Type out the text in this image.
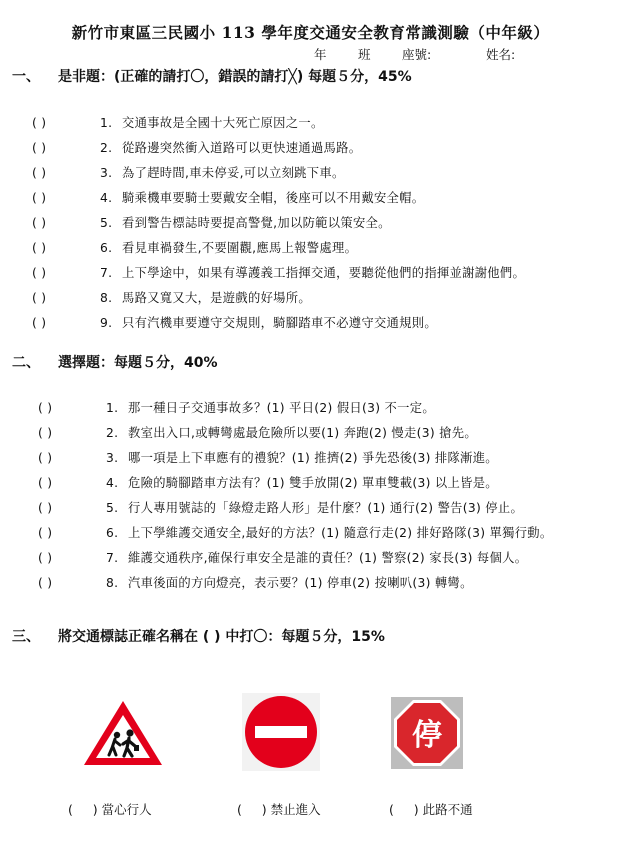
新竹市東區三民國小 113 學年度交通安全教育常識測驗（中年級）
年	班	座號:	姓名:
一、 是非題：(正確的請打〇，錯誤的請打╳) 每題５分，45%
( )	1. 交通事故是全國十大死亡原因之一。
( )	2. 從路邊突然衝入道路可以更快速通過馬路。
( )	3. 為了趕時間,車未停妥,可以立刻跳下車。
( )	4. 騎乘機車要騎士要戴安全帽，後座可以不用戴安全帽。
( )	5. 看到警告標誌時要提高警覺,加以防範以策安全。
( )	6. 看見車禍發生,不要圍觀,應馬上報警處理。
( )	7. 上下學途中，如果有導護義工指揮交通，要聽從他們的指揮並謝謝他們。
( )	8. 馬路又寬又大，是遊戲的好場所。
( )	9. 只有汽機車要遵守交規則，騎腳踏車不必遵守交通規則。
二、 選擇題：每題５分，40%
( )	1. 那一種日子交通事故多？(1) 平日(2) 假日(3) 不一定。
( )	2. 教室出入口,或轉彎處最危險所以要(1) 奔跑(2) 慢走(3) 搶先。
( )	3. 哪一項是上下車應有的禮貌？(1) 推擠(2) 爭先恐後(3) 排隊漸進。
( )	4. 危險的騎腳踏車方法有？(1) 雙手放開(2) 單車雙載(3) 以上皆是。
( )	5. 行人專用號誌的「綠燈走路人形」是什麼？(1) 通行(2) 警告(3) 停止。
( )	6. 上下學維護交通安全,最好的方法？(1) 隨意行走(2) 排好路隊(3) 單獨行動。
( )	7. 維護交通秩序,確保行車安全是誰的責任？(1) 警察(2) 家長(3) 每個人。
( )	8. 汽車後面的方向燈亮，表示要？(1) 停車(2) 按喇叭(3) 轉彎。
三、 將交通標誌正確名稱在 ( ) 中打〇：每題５分，15%
停
(     ) 當心行人	(     ) 禁止進入	(     ) 此路不通
